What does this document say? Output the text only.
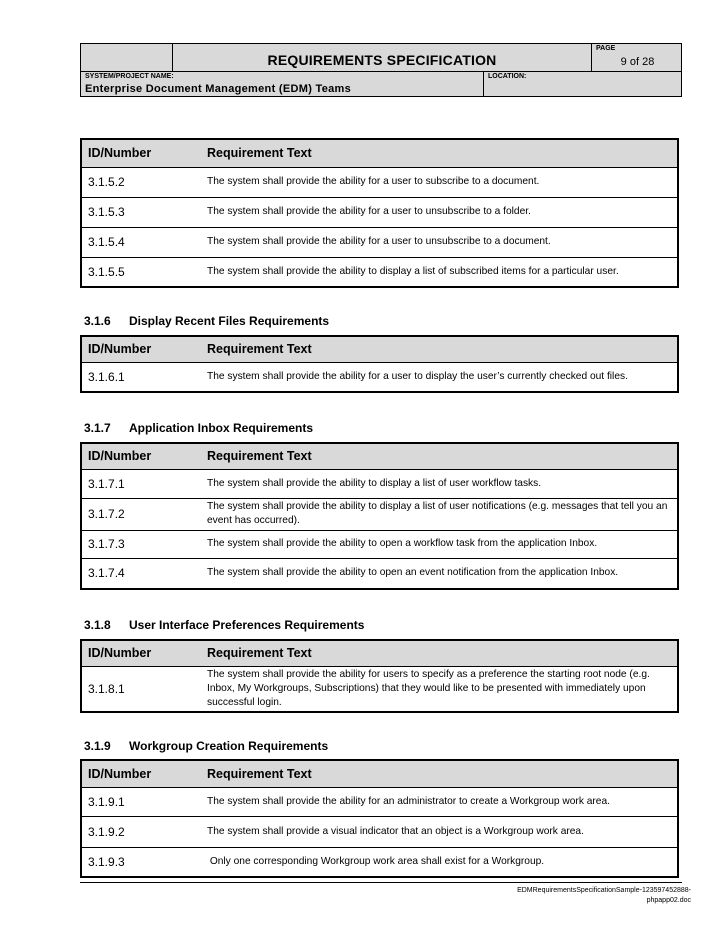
REQUIREMENTS SPECIFICATION
PAGE
9 of 28
SYSTEM/PROJECT NAME:
Enterprise Document Management (EDM) Teams
LOCATION:
ID/Number	Requirement Text
3.1.5.2	The system shall provide the ability for a user to subscribe to a document.
3.1.5.3	The system shall provide the ability for a user to unsubscribe to a folder.
3.1.5.4	The system shall provide the ability for a user to unsubscribe to a document.
3.1.5.5	The system shall provide the ability to display a list of subscribed items for a particular user.
3.1.6 Display Recent Files Requirements
ID/Number	Requirement Text
3.1.6.1	The system shall provide the ability for a user to display the user’s currently checked out files.
3.1.7 Application Inbox Requirements
ID/Number	Requirement Text
3.1.7.1	The system shall provide the ability to display a list of user workflow tasks.
3.1.7.2	The system shall provide the ability to display a list of user notifications (e.g. messages that tell you an event has occurred).
3.1.7.3	The system shall provide the ability to open a workflow task from the application Inbox.
3.1.7.4	The system shall provide the ability to open an event notification from the application Inbox.
3.1.8 User Interface Preferences Requirements
ID/Number	Requirement Text
3.1.8.1	The system shall provide the ability for users to specify as a preference the starting root node (e.g. Inbox, My Workgroups, Subscriptions) that they would like to be presented with immediately upon successful login.
3.1.9 Workgroup Creation Requirements
ID/Number	Requirement Text
3.1.9.1	The system shall provide the ability for an administrator to create a Workgroup work area.
3.1.9.2	The system shall provide a visual indicator that an object is a Workgroup work area.
3.1.9.3	Only one corresponding Workgroup work area shall exist for a Workgroup.
EDMRequirementsSpecificationSample-123597452888-
phpapp02.doc
